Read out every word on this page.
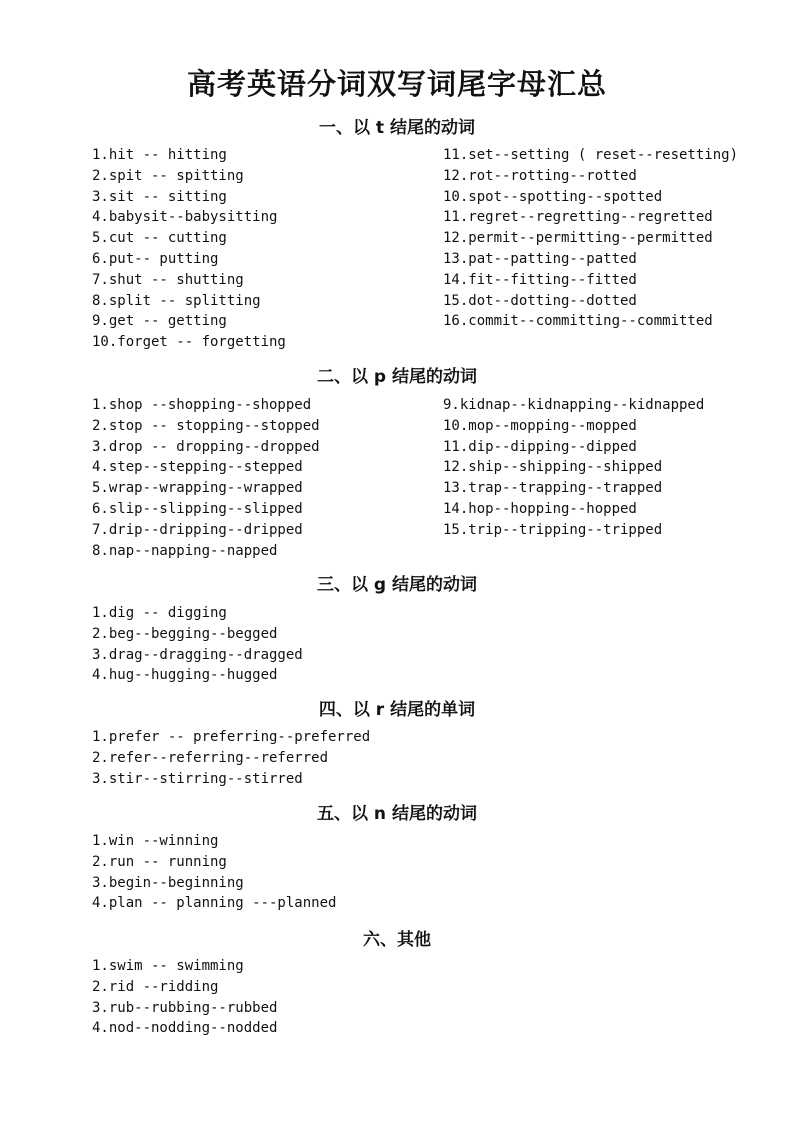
高考英语分词双写词尾字母汇总
一、以 t 结尾的动词
1.hit -- hitting
2.spit -- spitting
3.sit -- sitting
4.babysit--babysitting
5.cut -- cutting
6.put-- putting
7.shut -- shutting
8.split -- splitting
9.get -- getting
10.forget -- forgetting
11.set--setting ( reset--resetting)
12.rot--rotting--rotted
10.spot--spotting--spotted
11.regret--regretting--regretted
12.permit--permitting--permitted
13.pat--patting--patted
14.fit--fitting--fitted
15.dot--dotting--dotted
16.commit--committing--committed
二、以 p 结尾的动词
1.shop --shopping--shopped
2.stop -- stopping--stopped
3.drop -- dropping--dropped
4.step--stepping--stepped
5.wrap--wrapping--wrapped
6.slip--slipping--slipped
7.drip--dripping--dripped
8.nap--napping--napped
9.kidnap--kidnapping--kidnapped
10.mop--mopping--mopped
11.dip--dipping--dipped
12.ship--shipping--shipped
13.trap--trapping--trapped
14.hop--hopping--hopped
15.trip--tripping--tripped
三、以 g 结尾的动词
1.dig -- digging
2.beg--begging--begged
3.drag--dragging--dragged
4.hug--hugging--hugged
四、以 r 结尾的单词
1.prefer -- preferring--preferred
2.refer--referring--referred
3.stir--stirring--stirred
五、以 n 结尾的动词
1.win --winning
2.run -- running
3.begin--beginning
4.plan -- planning ---planned
六、其他
1.swim -- swimming
2.rid --ridding
3.rub--rubbing--rubbed
4.nod--nodding--nodded
